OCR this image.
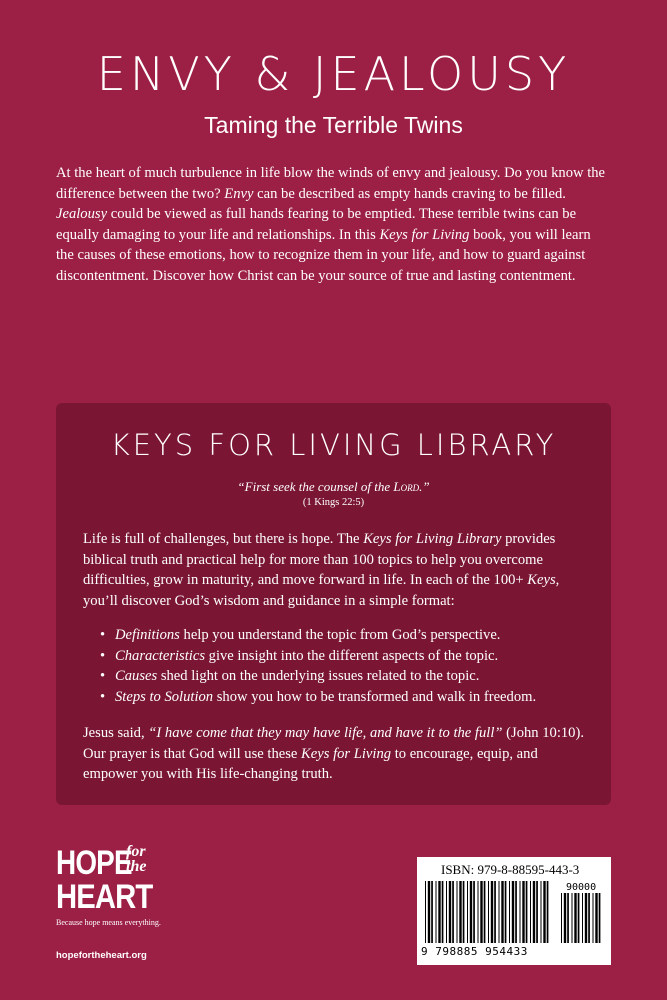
ENVY & JEALOUSY
Taming the Terrible Twins
At the heart of much turbulence in life blow the winds of envy and jealousy. Do you know the difference between the two? Envy can be described as empty hands craving to be filled. Jealousy could be viewed as full hands fearing to be emptied. These terrible twins can be equally damaging to your life and relationships. In this Keys for Living book, you will learn the causes of these emotions, how to recognize them in your life, and how to guard against discontentment. Discover how Christ can be your source of true and lasting contentment.
KEYS FOR LIVING LIBRARY
“First seek the counsel of the Lord.”
(1 Kings 22:5)
Life is full of challenges, but there is hope. The Keys for Living Library provides biblical truth and practical help for more than 100 topics to help you overcome difficulties, grow in maturity, and move forward in life. In each of the 100+ Keys, you’ll discover God’s wisdom and guidance in a simple format:
• Definitions help you understand the topic from God’s perspective.
• Characteristics give insight into the different aspects of the topic.
• Causes shed light on the underlying issues related to the topic.
• Steps to Solution show you how to be transformed and walk in freedom.
Jesus said, “I have come that they may have life, and have it to the full” (John 10:10). Our prayer is that God will use these Keys for Living to encourage, equip, and empower you with His life-changing truth.
HOPE
for
the
HEART
Because hope means everything.
hopefortheheart.org
ISBN: 979-8-88595-443-3
90000
9 798885 954433
